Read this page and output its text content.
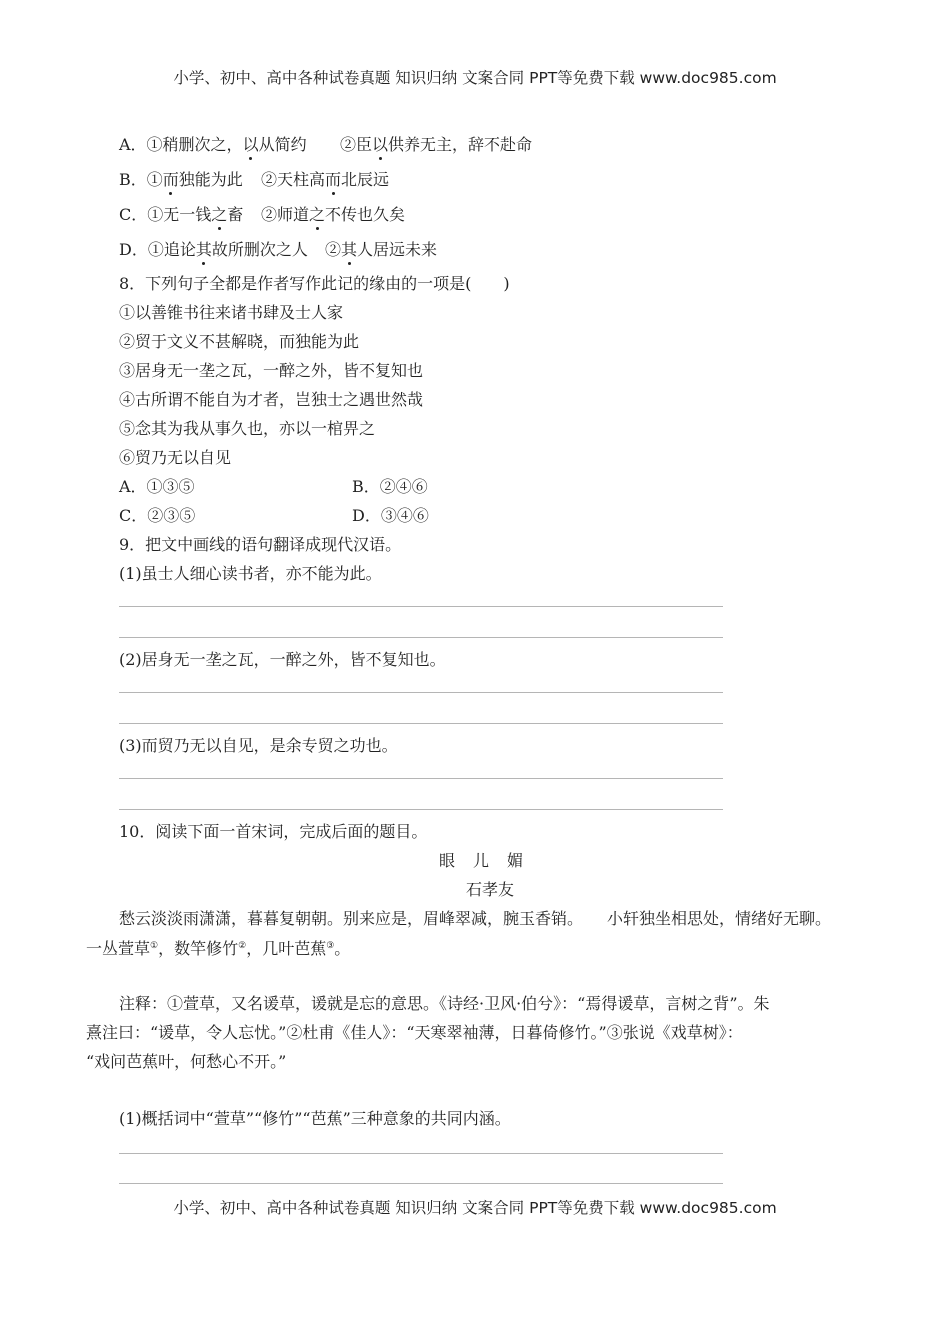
小学、初中、高中各种试卷真题 知识归纳 文案合同 PPT等免费下载 www.doc985.com
A．①稍删次之，以从简约 ②臣以供养无主，辞不赴命
B．①而独能为此 ②天柱高而北辰远
C．①无一钱之畜 ②师道之不传也久矣
D．①追论其故所删次之人 ②其人居远未来
8．下列句子全都是作者写作此记的缘由的一项是(　　)
①以善锥书往来诸书肆及士人家
②贸于文义不甚解晓，而独能为此
③居身无一垄之瓦，一醉之外，皆不复知也
④古所谓不能自为才者，岂独士之遇世然哉
⑤念其为我从事久也，亦以一棺畀之
⑥贸乃无以自见
A．①③⑤	B．②④⑥
C．②③⑤	D．③④⑥
9．把文中画线的语句翻译成现代汉语。
(1)虽士人细心读书者，亦不能为此。
(2)居身无一垄之瓦，一醉之外，皆不复知也。
(3)而贸乃无以自见，是余专贸之功也。
10．阅读下面一首宋词，完成后面的题目。
眼儿媚
石孝友
愁云淡淡雨潇潇，暮暮复朝朝。别来应是，眉峰翠减，腕玉香销。　　小轩独坐相思处，情绪好无聊。
一丛萱草①，数竿修竹②，几叶芭蕉③。
注释：①萱草，又名谖草，谖就是忘的意思。《诗经·卫风·伯兮》：“焉得谖草，言树之背”。朱
熹注曰：“谖草，令人忘忧。”②杜甫《佳人》：“天寒翠袖薄，日暮倚修竹。”③张说《戏草树》：
“戏问芭蕉叶，何愁心不开。”
(1)概括词中“萱草”“修竹”“芭蕉”三种意象的共同内涵。
小学、初中、高中各种试卷真题 知识归纳 文案合同 PPT等免费下载 www.doc985.com
